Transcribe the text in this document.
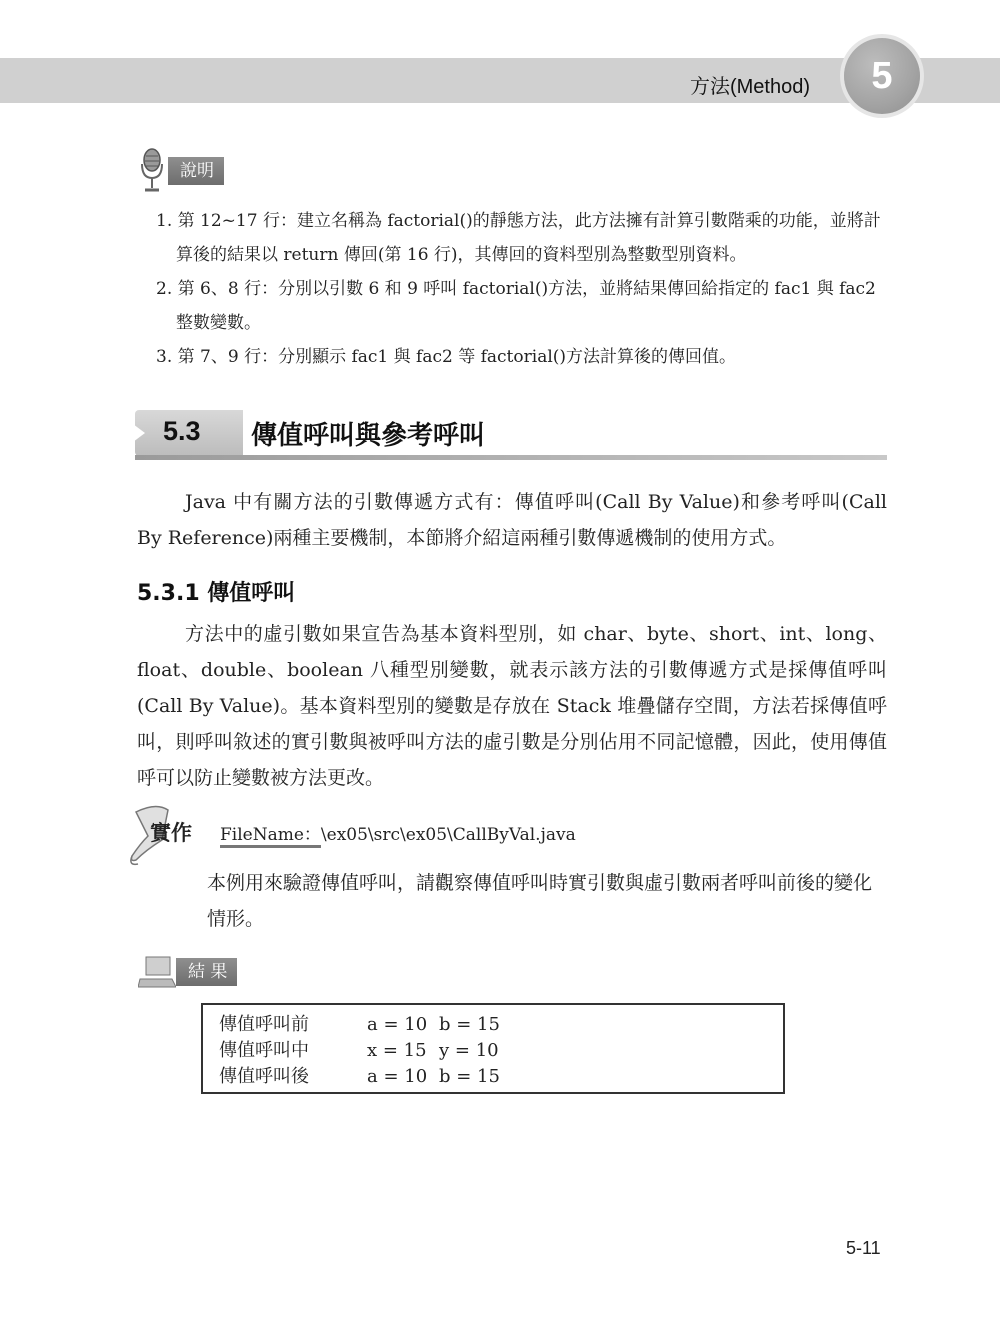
方法(Method)	5
說明
1. 第 12~17 行：建立名稱為 factorial()的靜態方法，此方法擁有計算引數階乘的功能，並將計算後的結果以 return 傳回(第 16 行)，其傳回的資料型別為整數型別資料。
2. 第 6、8 行：分別以引數 6 和 9 呼叫 factorial()方法，並將結果傳回給指定的 fac1 與 fac2 整數變數。
3. 第 7、9 行：分別顯示 fac1 與 fac2 等 factorial()方法計算後的傳回值。
5.3 傳值呼叫與參考呼叫

Java 中有關方法的引數傳遞方式有：傳值呼叫(Call By Value)和參考呼叫(Call By Reference)兩種主要機制，本節將介紹這兩種引數傳遞機制的使用方式。

5.3.1 傳值呼叫

方法中的虛引數如果宣告為基本資料型別，如 char、byte、short、int、long、float、double、boolean 八種型別變數，就表示該方法的引數傳遞方式是採傳值呼叫(Call By Value)。基本資料型別的變數是存放在 Stack 堆疊儲存空間，方法若採傳值呼叫，則呼叫敘述的實引數與被呼叫方法的虛引數是分別佔用不同記憶體，因此，使用傳值呼可以防止變數被方法更改。

實作 FileName：\ex05\src\ex05\CallByVal.java

本例用來驗證傳值呼叫，請觀察傳值呼叫時實引數與虛引數兩者呼叫前後的變化情形。

結 果
傳值呼叫前	a = 10 b = 15
傳值呼叫中	x = 15 y = 10
傳值呼叫後	a = 10 b = 15
5-11
